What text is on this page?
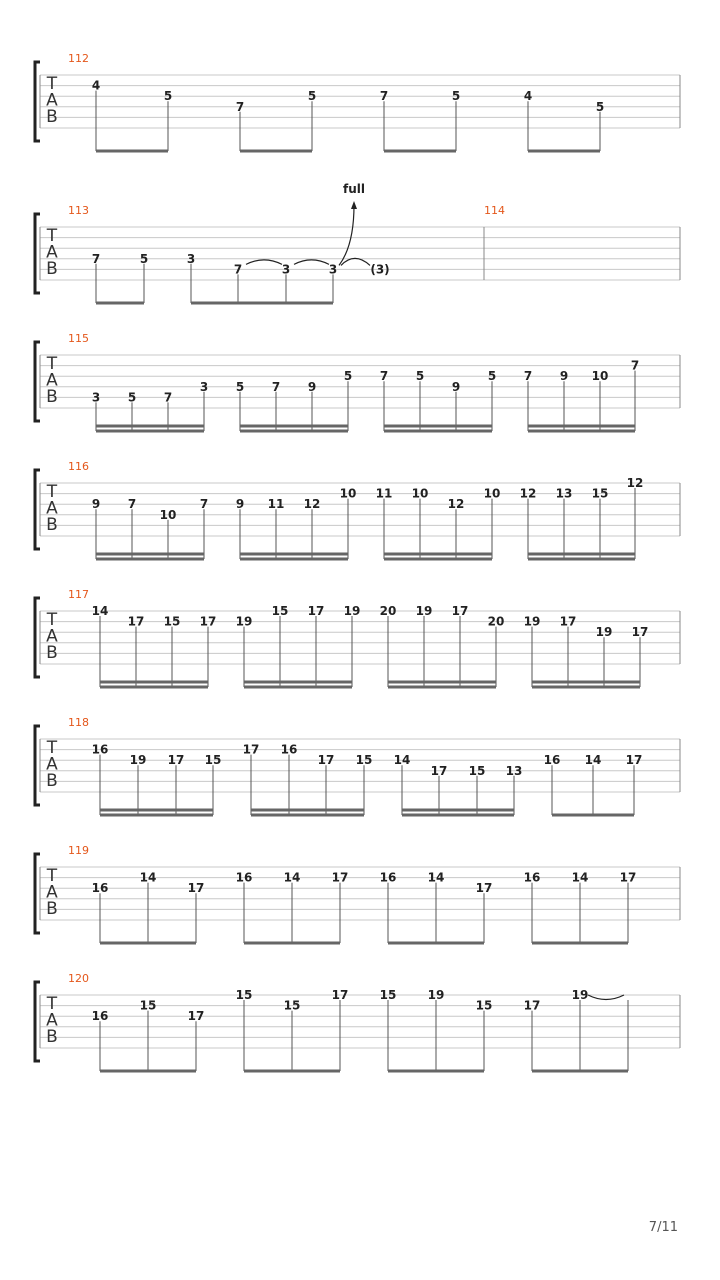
T
A
B
112
4
5
7
5	7	5	4
5
T
A
B
113	114
7	5	3
7	3	3	(3)
full
T
A
B
115
3 5 7
3 5 7 9
5 7 5
9
5 7 9 10
7
T
A
B
116
9 7
10
7 9 11 12
10 11 10
12
10 12 13 15
12
T
A
B
117
14
17 15 17 19
15 17 19 20 19 17
20 19 17
19 17
T
A
B
118
16
19 17 15
17 16
17 15 14
17 15 13
16 14 17
T
A
B
119
16
14
17
16	14	17	16	14
17
16	14	17
T
A
B
120
16
15
17
15
15
17	15	19
15	17
19
7/11
